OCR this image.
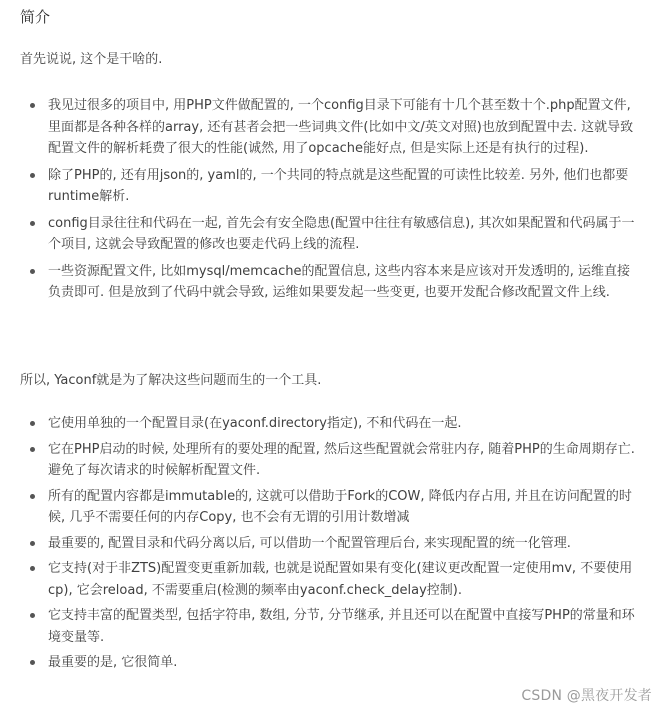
简介
首先说说, 这个是干啥的.
我见过很多的项目中, 用PHP文件做配置的, 一个config目录下可能有十几个甚至数十个.php配置文件, 里面都是各种各样的array, 还有甚者会把一些词典文件(比如中文/英文对照)也放到配置中去. 这就导致配置文件的解析耗费了很大的性能(诚然, 用了opcache能好点, 但是实际上还是有执行的过程).
除了PHP的, 还有用json的, yaml的, 一个共同的特点就是这些配置的可读性比较差. 另外, 他们也都要runtime解析.
config目录往往和代码在一起, 首先会有安全隐患(配置中往往有敏感信息), 其次如果配置和代码属于一个项目, 这就会导致配置的修改也要走代码上线的流程.
一些资源配置文件, 比如mysql/memcache的配置信息, 这些内容本来是应该对开发透明的, 运维直接负责即可. 但是放到了代码中就会导致, 运维如果要发起一些变更, 也要开发配合修改配置文件上线.
所以, Yaconf就是为了解决这些问题而生的一个工具.
它使用单独的一个配置目录(在yaconf.directory指定), 不和代码在一起.
它在PHP启动的时候, 处理所有的要处理的配置, 然后这些配置就会常驻内存, 随着PHP的生命周期存亡. 避免了每次请求的时候解析配置文件.
所有的配置内容都是immutable的, 这就可以借助于Fork的COW, 降低内存占用, 并且在访问配置的时候, 几乎不需要任何的内存Copy, 也不会有无谓的引用计数增减
最重要的, 配置目录和代码分离以后, 可以借助一个配置管理后台, 来实现配置的统一化管理.
它支持(对于非ZTS)配置变更重新加载, 也就是说配置如果有变化(建议更改配置一定使用mv, 不要使用cp), 它会reload, 不需要重启(检测的频率由yaconf.check_delay控制).
它支持丰富的配置类型, 包括字符串, 数组, 分节, 分节继承, 并且还可以在配置中直接写PHP的常量和环境变量等.
最重要的是, 它很简单.
CSDN @黑夜开发者
